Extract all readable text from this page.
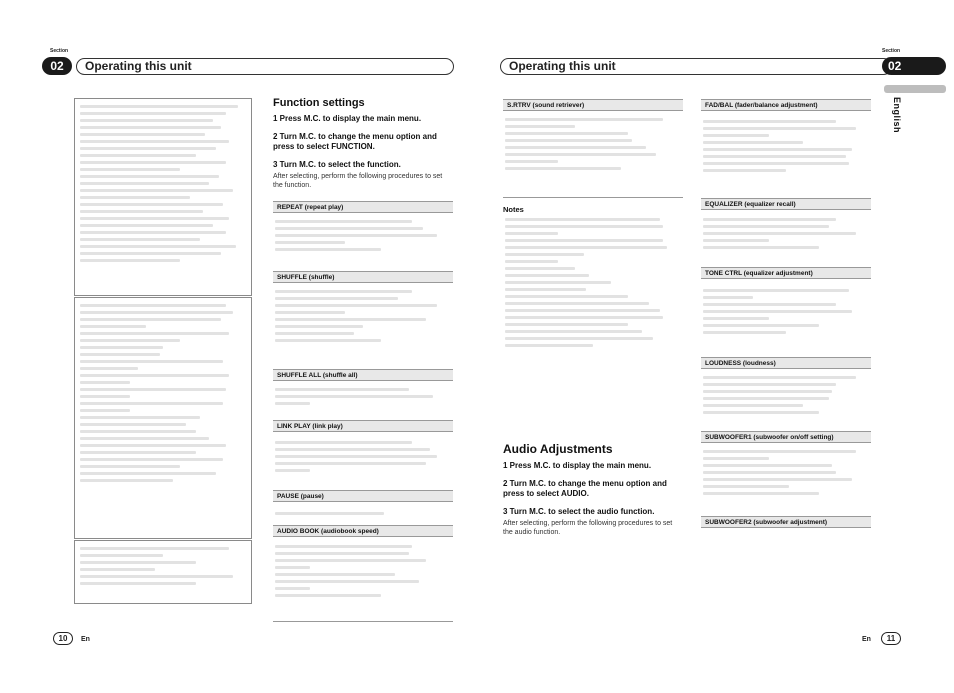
Section
02	Operating this unit
Function settings
1 Press M.C. to display the main menu.
2 Turn M.C. to change the menu option and press to select FUNCTION.
3 Turn M.C. to select the function.
After selecting, perform the following procedures to set the function.
REPEAT (repeat play)
SHUFFLE (shuffle)
SHUFFLE ALL (shuffle all)
LINK PLAY (link play)
PAUSE (pause)
AUDIO BOOK (audiobook speed)
10	En
Section
Operating this unit	02
English
S.RTRV (sound retriever)
Notes
Audio Adjustments
1 Press M.C. to display the main menu.
2 Turn M.C. to change the menu option and press to select AUDIO.
3 Turn M.C. to select the audio function.
After selecting, perform the following procedures to set the audio function.
FAD/BAL (fader/balance adjustment)
EQUALIZER (equalizer recall)
TONE CTRL (equalizer adjustment)
LOUDNESS (loudness)
SUBWOOFER1 (subwoofer on/off setting)
SUBWOOFER2 (subwoofer adjustment)
En	11
